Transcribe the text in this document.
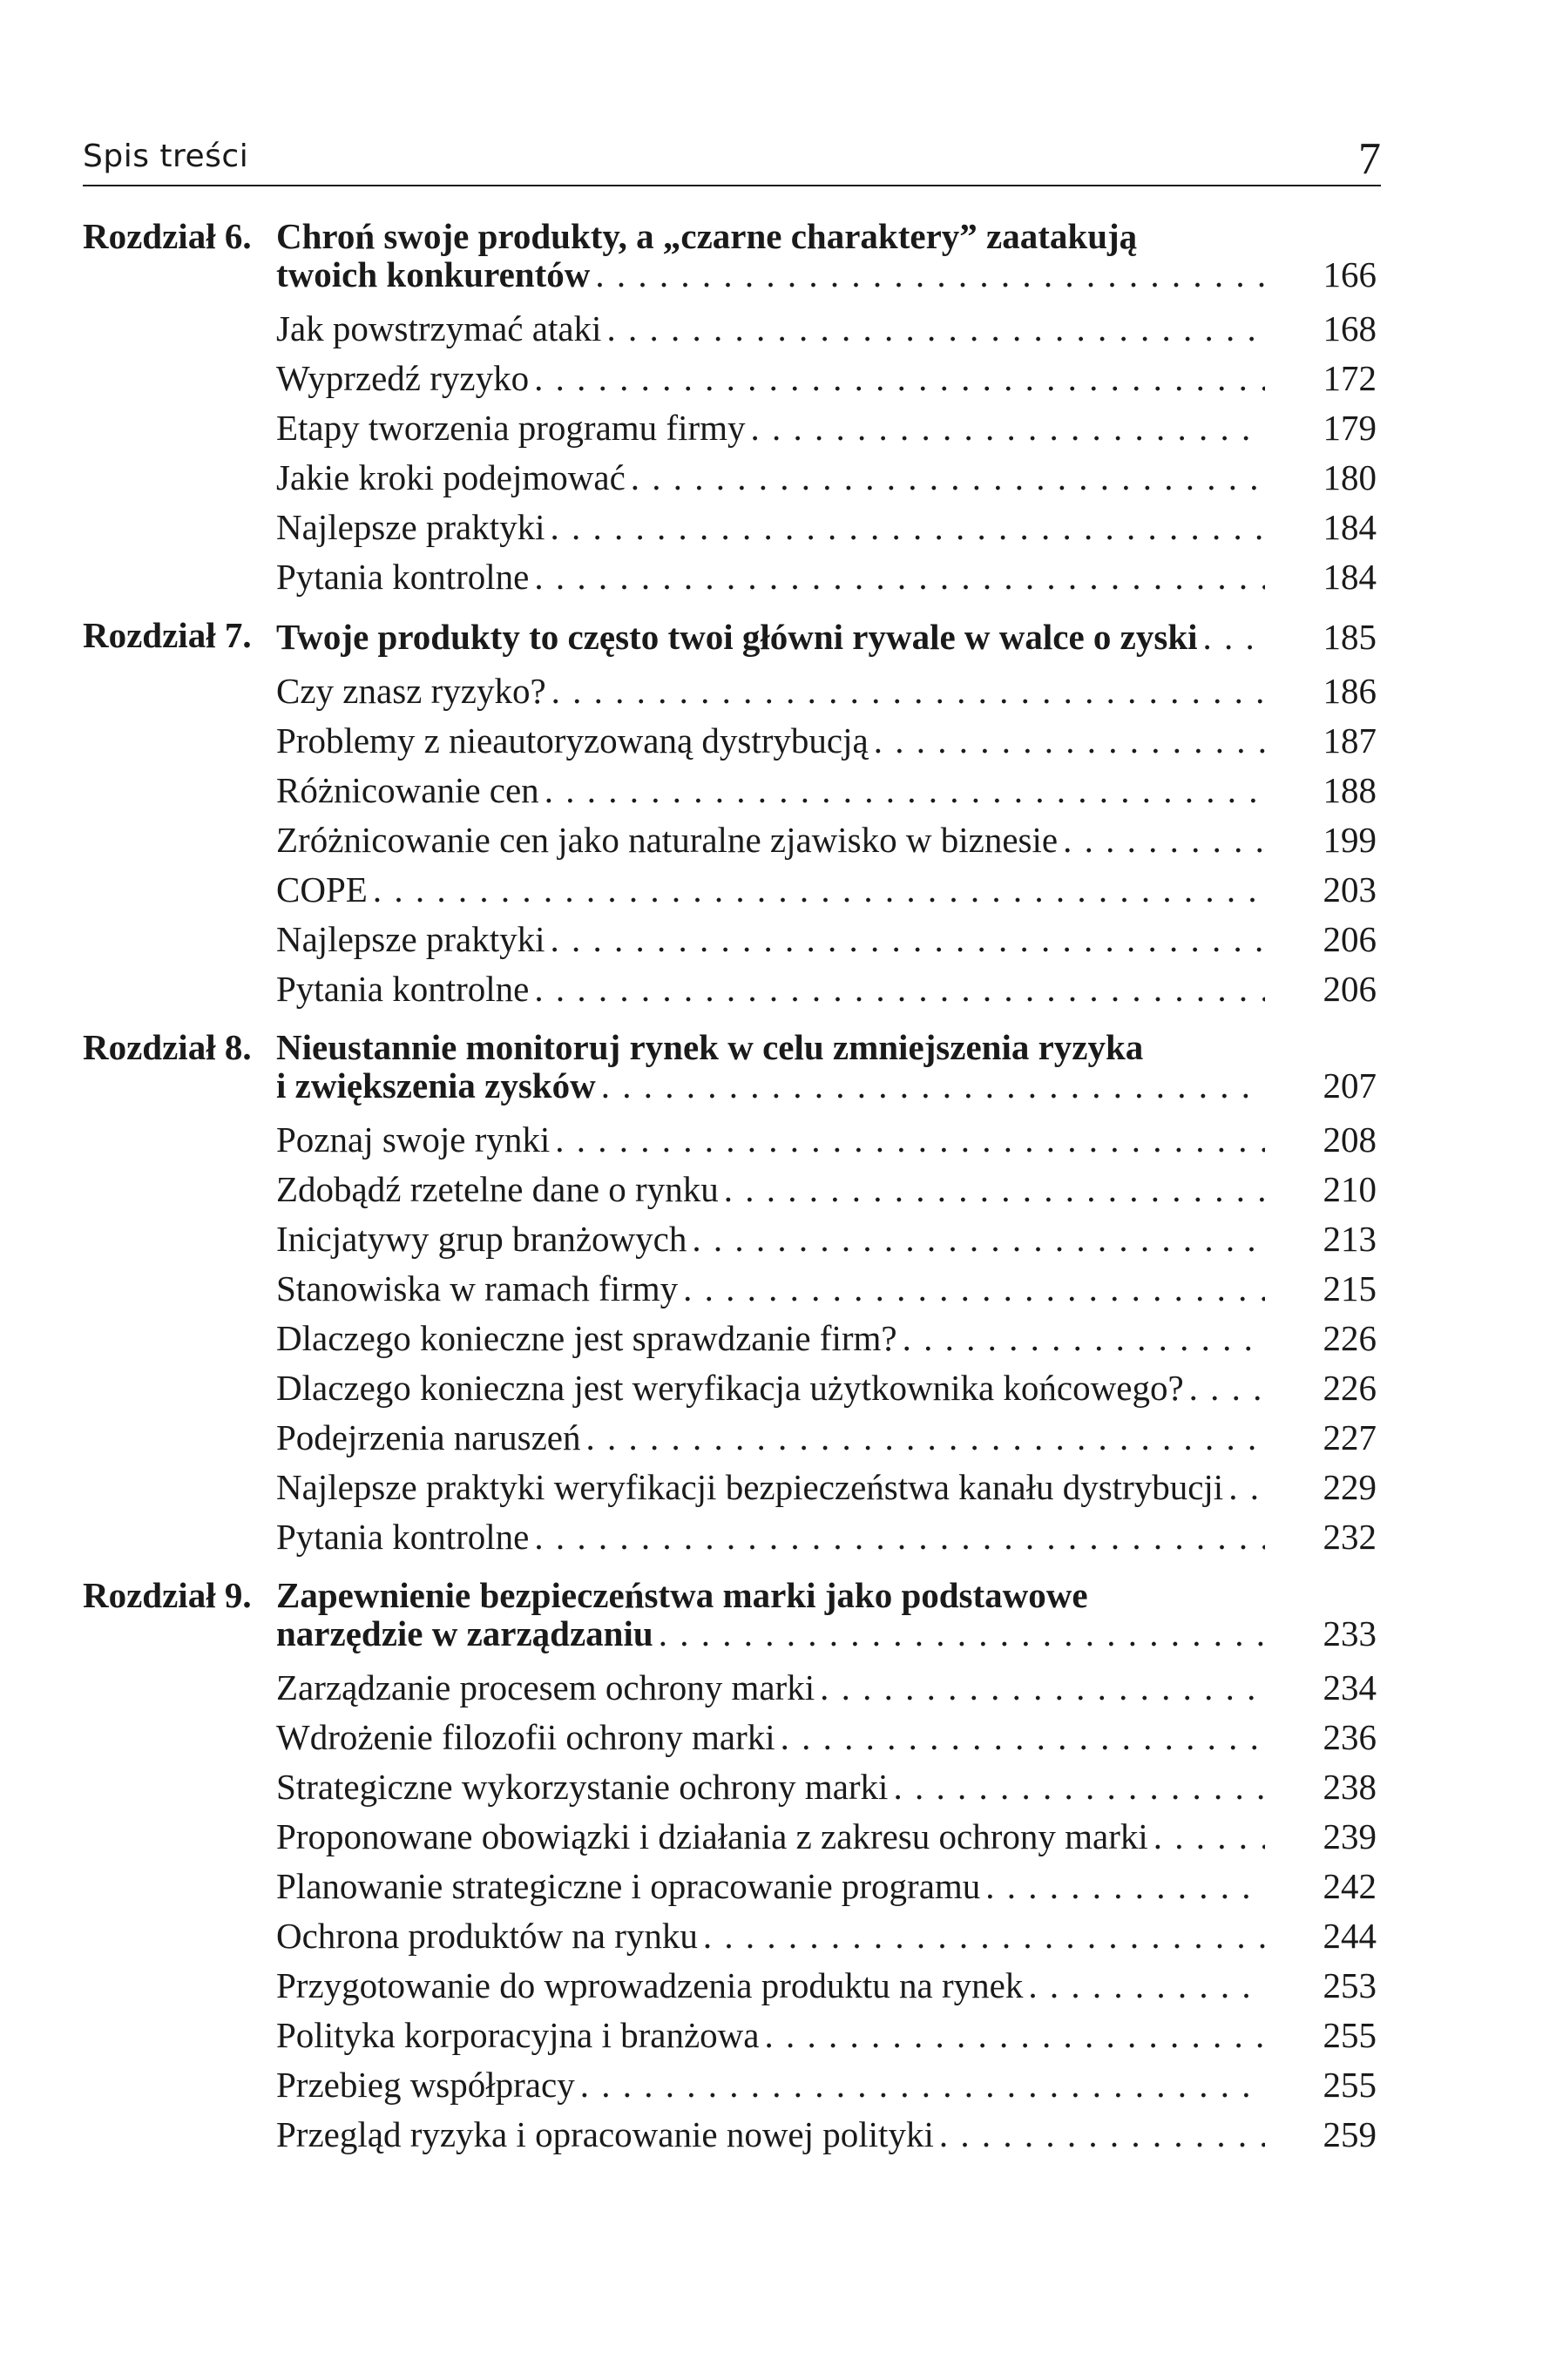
Spis treści	7
Rozdział 6. Chroń swoje produkty, a „czarne charaktery” zaatakują
twoich konkurentów . . .	166
Jak powstrzymać ataki . . .	168
Wyprzedź ryzyko . . .	172
Etapy tworzenia programu firmy . . .	179
Jakie kroki podejmować . . .	180
Najlepsze praktyki . . .	184
Pytania kontrolne . . .	184
Rozdział 7. Twoje produkty to często twoi główni rywale w walce o zyski . . .	185
Czy znasz ryzyko? . . .	186
Problemy z nieautoryzowaną dystrybucją . . .	187
Różnicowanie cen . . .	188
Zróżnicowanie cen jako naturalne zjawisko w biznesie . . .	199
COPE . . .	203
Najlepsze praktyki . . .	206
Pytania kontrolne . . .	206
Rozdział 8. Nieustannie monitoruj rynek w celu zmniejszenia ryzyka
i zwiększenia zysków . . .	207
Poznaj swoje rynki . . .	208
Zdobądź rzetelne dane o rynku . . .	210
Inicjatywy grup branżowych . . .	213
Stanowiska w ramach firmy . . .	215
Dlaczego konieczne jest sprawdzanie firm? . . .	226
Dlaczego konieczna jest weryfikacja użytkownika końcowego? . . .	226
Podejrzenia naruszeń . . .	227
Najlepsze praktyki weryfikacji bezpieczeństwa kanału dystrybucji . . .	229
Pytania kontrolne . . .	232
Rozdział 9. Zapewnienie bezpieczeństwa marki jako podstawowe
narzędzie w zarządzaniu . . .	233
Zarządzanie procesem ochrony marki . . .	234
Wdrożenie filozofii ochrony marki . . .	236
Strategiczne wykorzystanie ochrony marki . . .	238
Proponowane obowiązki i działania z zakresu ochrony marki . . .	239
Planowanie strategiczne i opracowanie programu . . .	242
Ochrona produktów na rynku . . .	244
Przygotowanie do wprowadzenia produktu na rynek . . .	253
Polityka korporacyjna i branżowa . . .	255
Przebieg współpracy . . .	255
Przegląd ryzyka i opracowanie nowej polityki . . .	259
